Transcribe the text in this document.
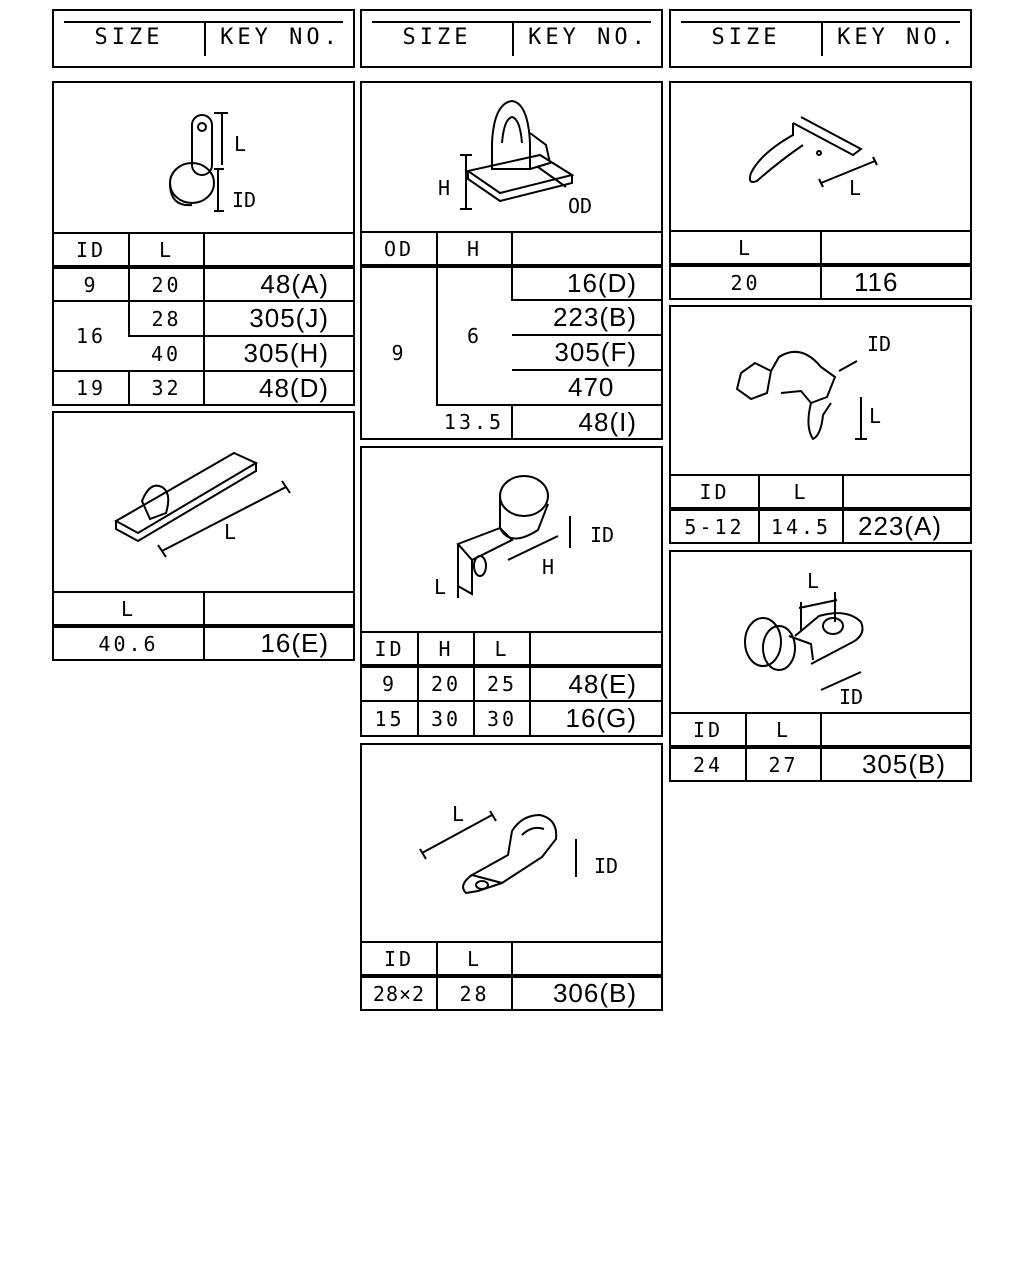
SIZE	KEY NO.	SIZE	KEY NO.	SIZE	KEY NO.
L
ID
ID	L	
9	20	48(A)
16	28	305(J)
	40	305(H)
19	32	48(D)
H
OD
OD	H	
9	6	16(D)
		223(B)
		305(F)
		470
	13.5	48(I)
L
L	
20	116
L
L	
40.6	16(E)
ID
H
L
ID	H	L	
9	20	25	48(E)
15	30	30	16(G)
ID
L
ID	L	
5-12	14.5	223(A)
L
ID
ID	L	
24	27	305(B)
L
ID
ID	L	
28×2	28	306(B)
